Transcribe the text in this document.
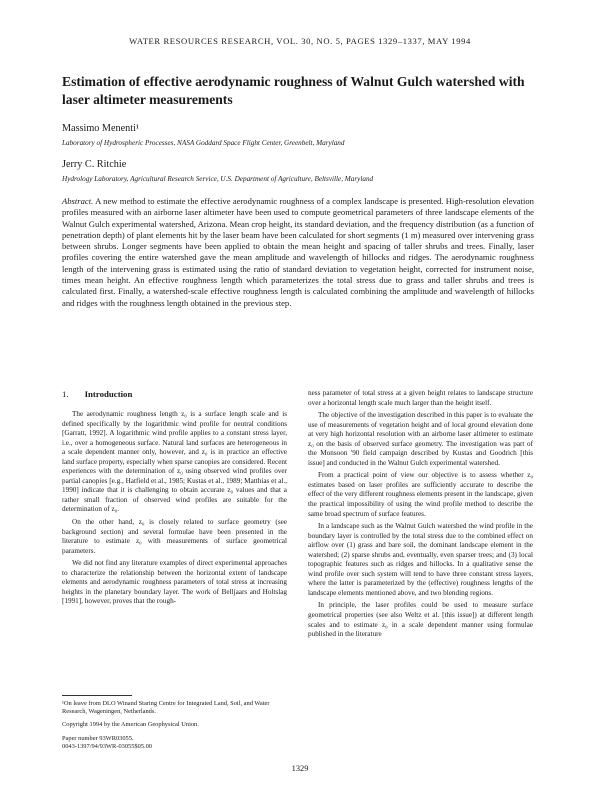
WATER RESOURCES RESEARCH, VOL. 30, NO. 5, PAGES 1329–1337, MAY 1994
Estimation of effective aerodynamic roughness of Walnut Gulch watershed with laser altimeter measurements
Massimo Menenti¹
Laboratory of Hydrospheric Processes, NASA Goddard Space Flight Center, Greenbelt, Maryland
Jerry C. Ritchie
Hydrology Laboratory, Agricultural Research Service, U.S. Department of Agriculture, Beltsville, Maryland

Abstract. A new method to estimate the effective aerodynamic roughness of a complex landscape is presented. High-resolution elevation profiles measured with an airborne laser altimeter have been used to compute geometrical parameters of three landscape elements of the Walnut Gulch experimental watershed, Arizona. Mean crop height, its standard deviation, and the frequency distribution (as a function of penetration depth) of plant elements hit by the laser beam have been calculated for short segments (1 m) measured over intervening grass between shrubs. Longer segments have been applied to obtain the mean height and spacing of taller shrubs and trees. Finally, laser profiles covering the entire watershed gave the mean amplitude and wavelength of hillocks and ridges. The aerodynamic roughness length of the intervening grass is estimated using the ratio of standard deviation to vegetation height, corrected for instrument noise, times mean height. An effective roughness length which parameterizes the total stress due to grass and taller shrubs and trees is calculated first. Finally, a watershed-scale effective roughness length is calculated combining the amplitude and wavelength of hillocks and ridges with the roughness length obtained in the previous step.

1. Introduction

The aerodynamic roughness length z₀ is a surface length scale and is defined specifically by the logarithmic wind profile for neutral conditions [Garratt, 1992]. A logarithmic wind profile applies to a constant stress layer, i.e., over a homogeneous surface. Natural land surfaces are heterogeneous in a scale dependent manner only, however, and z₀ is in practice an effective land surface property, especially when sparse canopies are considered. Recent experiences with the determination of z₀ using observed wind profiles over partial canopies [e.g., Hatfield et al., 1985; Kustas et al., 1989; Matthias et al., 1990] indicate that it is challenging to obtain accurate z₀ values and that a rather small fraction of observed wind profiles are suitable for the determination of z₀.

On the other hand, z₀ is closely related to surface geometry (see background section) and several formulae have been presented in the literature to estimate z₀ with measurements of surface geometrical parameters.

We did not find any literature examples of direct experimental approaches to characterize the relationship between the horizontal extent of landscape elements and aerodynamic roughness parameters of total stress at increasing heights in the planetary boundary layer. The work of Belljaars and Holtslag [1991], however, proves that the rough-

ness parameter of total stress at a given height relates to landscape structure over a horizontal length scale much larger than the height itself.

The objective of the investigation described in this paper is to evaluate the use of measurements of vegetation height and of local ground elevation done at very high horizontal resolution with an airborne laser altimeter to estimate z₀ on the basis of observed surface geometry. The investigation was part of the Monsoon '90 field campaign described by Kustas and Goodrich [this issue] and conducted in the Walnut Gulch experimental watershed.

From a practical point of view our objective is to assess whether z₀ estimates based on laser profiles are sufficiently accurate to describe the effect of the very different roughness elements present in the landscape, given the practical impossibility of using the wind profile method to describe the same broad spectrum of surface features.

In a landscape such as the Walnut Gulch watershed the wind profile in the boundary layer is controlled by the total stress due to the combined effect on airflow over (1) grass and bare soil, the dominant landscape element in the watershed; (2) sparse shrubs and, eventually, even sparser trees; and (3) local topographic features such as ridges and hillocks. In a qualitative sense the wind profile over such system will tend to have three constant stress layers, where the latter is parameterized by the (effective) roughness lengths of the landscape elements mentioned above, and two blending regions.

In principle, the laser profiles could be used to measure surface geometrical properties (see also Weltz et al. [this issue]) at different length scales and to estimate z₀ in a scale dependent manner using formulae published in the literature

¹On leave from DLO Winand Staring Centre for Integrated Land, Soil, and Water Research, Wageningen, Netherlands.
Copyright 1994 by the American Geophysical Union.
Paper number 93WR03055.
0043-1397/94/93WR-03055$05.00
1329
